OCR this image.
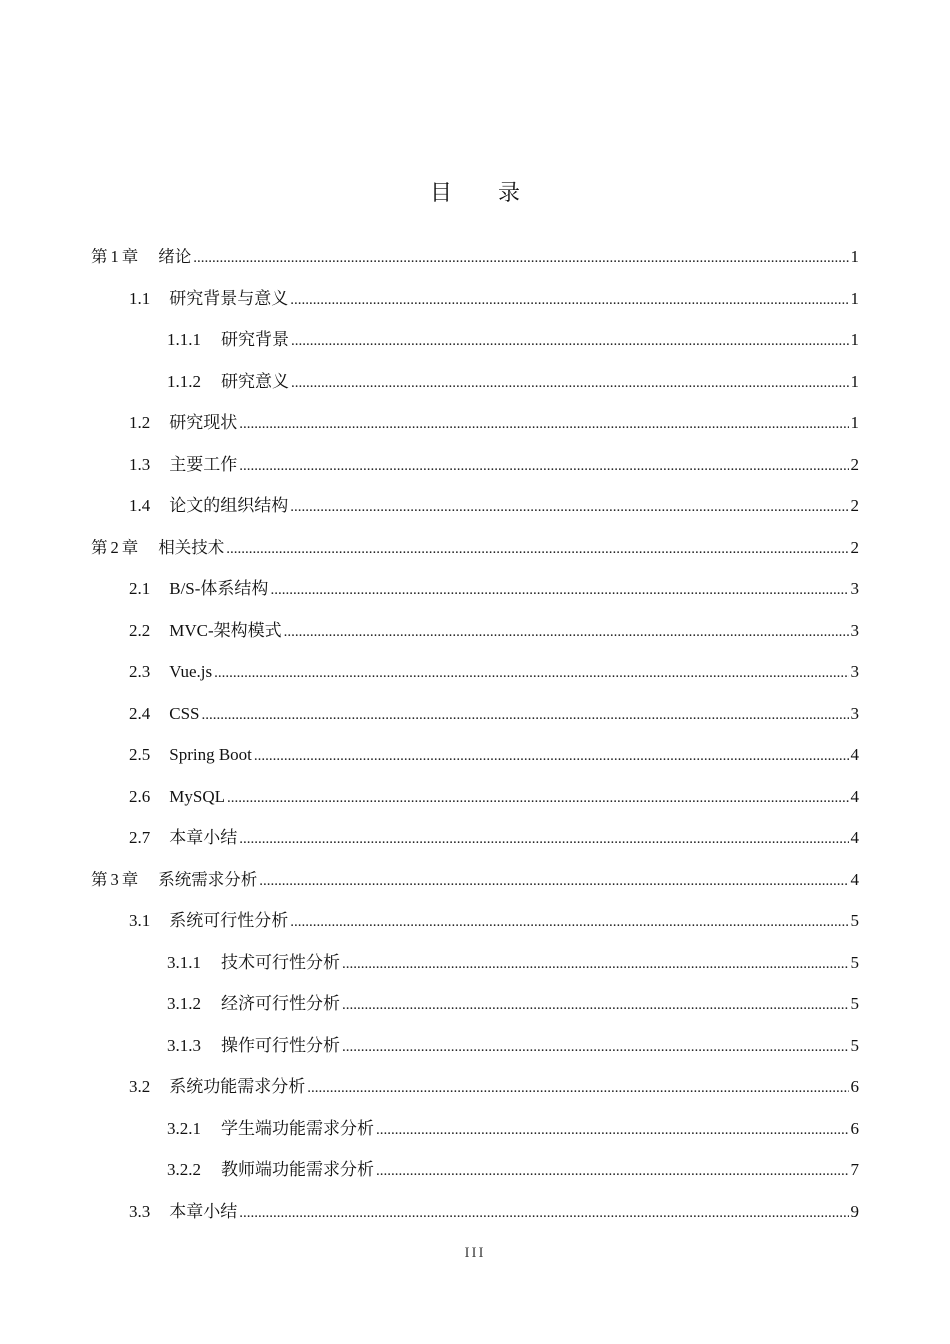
目录
第 1 章 绪论 .....	1
1.1 研究背景与意义 .....	1
1.1.1 研究背景 .....	1
1.1.2 研究意义 .....	1
1.2 研究现状 .....	1
1.3 主要工作 .....	2
1.4 论文的组织结构 .....	2
第 2 章 相关技术 .....	2
2.1 B/S-体系结构 .....	3
2.2 MVC-架构模式 .....	3
2.3 Vue.js .....	3
2.4 CSS .....	3
2.5 Spring Boot .....	4
2.6 MySQL .....	4
2.7 本章小结 .....	4
第 3 章 系统需求分析 .....	4
3.1 系统可行性分析 .....	5
3.1.1 技术可行性分析 .....	5
3.1.2 经济可行性分析 .....	5
3.1.3 操作可行性分析 .....	5
3.2 系统功能需求分析 .....	6
3.2.1 学生端功能需求分析 .....	6
3.2.2 教师端功能需求分析 .....	7
3.3 本章小结 .....	9
III
